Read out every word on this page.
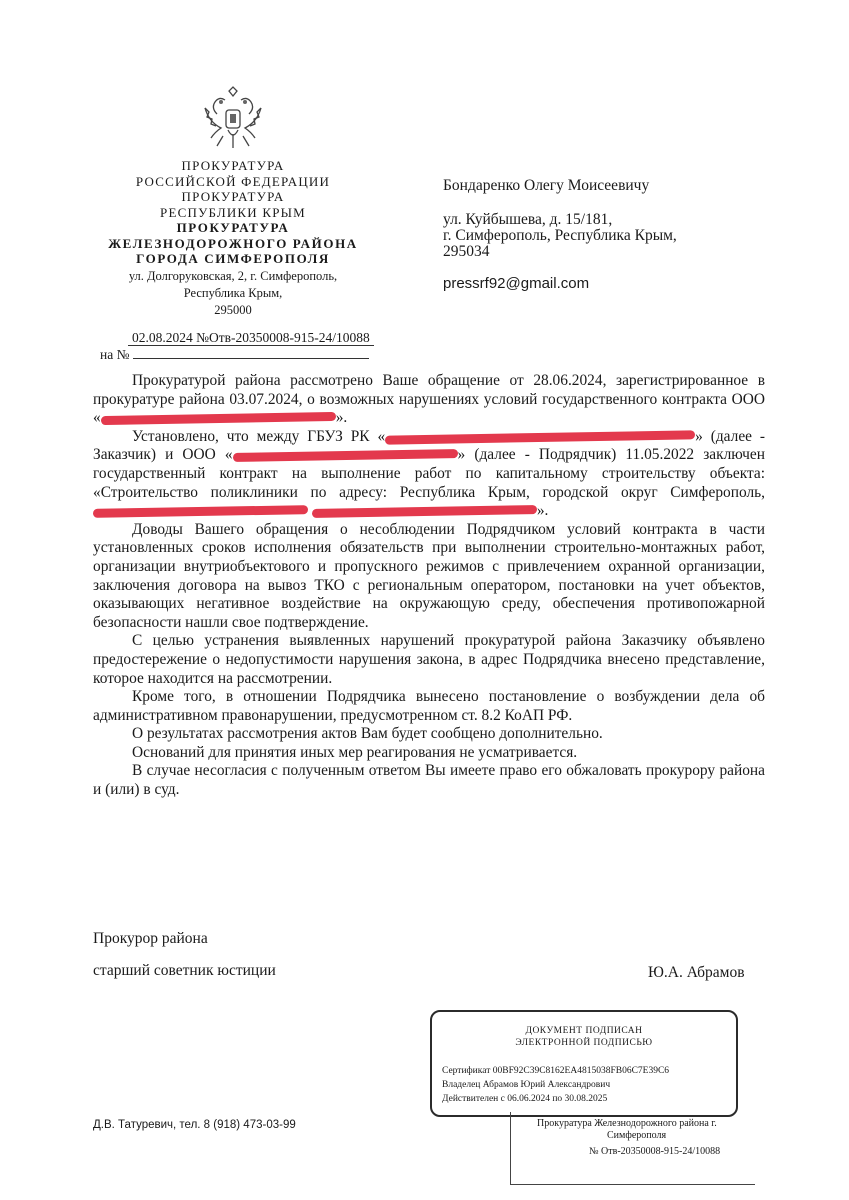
ПРОКУРАТУРА
РОССИЙСКОЙ ФЕДЕРАЦИИ
ПРОКУРАТУРА
РЕСПУБЛИКИ КРЫМ
ПРОКУРАТУРА
ЖЕЛЕЗНОДОРОЖНОГО РАЙОНА
ГОРОДА СИМФЕРОПОЛЯ
ул. Долгоруковская, 2, г. Симферополь,
Республика Крым,
295000
02.08.2024 №Отв-20350008-915-24/10088
на №
Бондаренко Олегу Моисеевичу
ул. Куйбышева, д. 15/181,
г. Симферополь, Республика Крым,
295034
pressrf92@gmail.com

Прокуратурой района рассмотрено Ваше обращение от 28.06.2024, зарегистрированное в прокуратуре района 03.07.2024, о возможных нарушениях условий государственного контракта ООО «	».

Установлено, что между ГБУЗ РК «	» (далее - Заказчик) и ООО «	» (далее - Подрядчик) 11.05.2022 заключен государственный контракт на выполнение работ по капитальному строительству объекта: «Строительство поликлиники по адресу: Республика Крым, городской округ Симферополь,  ».

Доводы Вашего обращения о несоблюдении Подрядчиком условий контракта в части установленных сроков исполнения обязательств при выполнении строительно-монтажных работ, организации внутриобъектового и пропускного режимов с привлечением охранной организации, заключения договора на вывоз ТКО с региональным оператором, постановки на учет объектов, оказывающих негативное воздействие на окружающую среду, обеспечения противопожарной безопасности нашли свое подтверждение.

С целью устранения выявленных нарушений прокуратурой района Заказчику объявлено предостережение о недопустимости нарушения закона, в адрес Подрядчика внесено представление, которое находится на рассмотрении.

Кроме того, в отношении Подрядчика вынесено постановление о возбуждении дела об административном правонарушении, предусмотренном ст. 8.2 КоАП РФ.

О результатах рассмотрения актов Вам будет сообщено дополнительно.

Оснований для принятия иных мер реагирования не усматривается.

В случае несогласия с полученным ответом Вы имеете право его обжаловать прокурору района и (или) в суд.

Прокурор района
старший советник юстиции	Ю.А. Абрамов
ДОКУМЕНТ ПОДПИСАН
ЭЛЕКТРОННОЙ ПОДПИСЬЮ
Сертификат 00BF92C39C8162EA4815038FB06C7E39C6
Владелец Абрамов Юрий Александрович
Действителен с 06.06.2024 по 30.08.2025
Прокуратура Железнодорожного района г.
Симферополя
№ Отв-20350008-915-24/10088
Д.В. Татуревич, тел. 8 (918) 473-03-99
